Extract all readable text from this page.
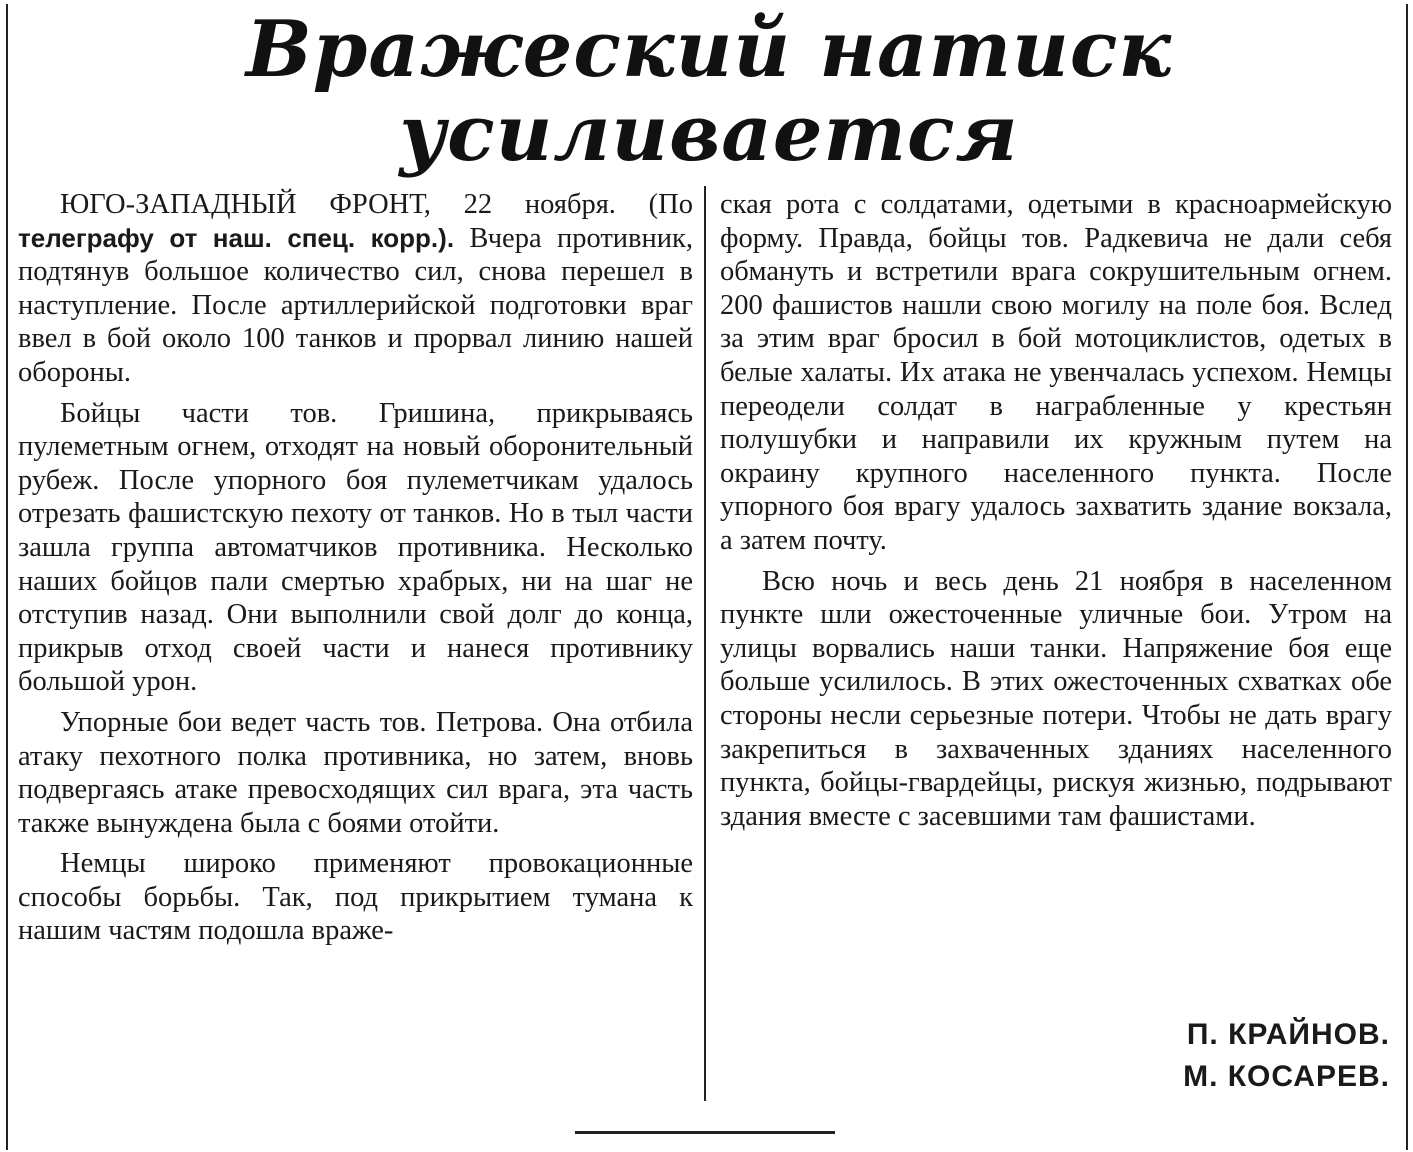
Вражеский натиск
усиливается

ЮГО-ЗАПАДНЫЙ ФРОНТ, 22 ноября. (По телеграфу от наш. спец. корр.). Вчера противник, подтянув большое количество сил, снова перешел в наступление. После артиллерийской подготовки враг ввел в бой около 100 танков и прорвал линию нашей обороны.

Бойцы части тов. Гришина, прикрываясь пулеметным огнем, отходят на новый оборонительный рубеж. После упорного боя пулеметчикам удалось отрезать фашистскую пехоту от танков. Но в тыл части зашла группа автоматчиков противника. Несколько наших бойцов пали смертью храбрых, ни на шаг не отступив назад. Они выполнили свой долг до конца, прикрыв отход своей части и нанеся противнику большой урон.

Упорные бои ведет часть тов. Петрова. Она отбила атаку пехотного полка противника, но затем, вновь подвергаясь атаке превосходящих сил врага, эта часть также вынуждена была с боями отойти.

Немцы широко применяют провокационные способы борьбы. Так, под прикрытием тумана к нашим частям подошла враже-

ская рота с солдатами, одетыми в красноармейскую форму. Правда, бойцы тов. Радкевича не дали себя обмануть и встретили врага сокрушительным огнем. 200 фашистов нашли свою могилу на поле боя. Вслед за этим враг бросил в бой мотоциклистов, одетых в белые халаты. Их атака не увенчалась успехом. Немцы переодели солдат в награбленные у крестьян полушубки и направили их кружным путем на окраину крупного населенного пункта. После упорного боя врагу удалось захватить здание вокзала, а затем почту.

Всю ночь и весь день 21 ноября в населенном пункте шли ожесточенные уличные бои. Утром на улицы ворвались наши танки. Напряжение боя еще больше усилилось. В этих ожесточенных схватках обе стороны несли серьезные потери. Чтобы не дать врагу закрепиться в захваченных зданиях населенного пункта, бойцы-гвардейцы, рискуя жизнью, подрывают здания вместе с засевшими там фашистами.

П. КРАЙНОВ.
М. КОСАРЕВ.
